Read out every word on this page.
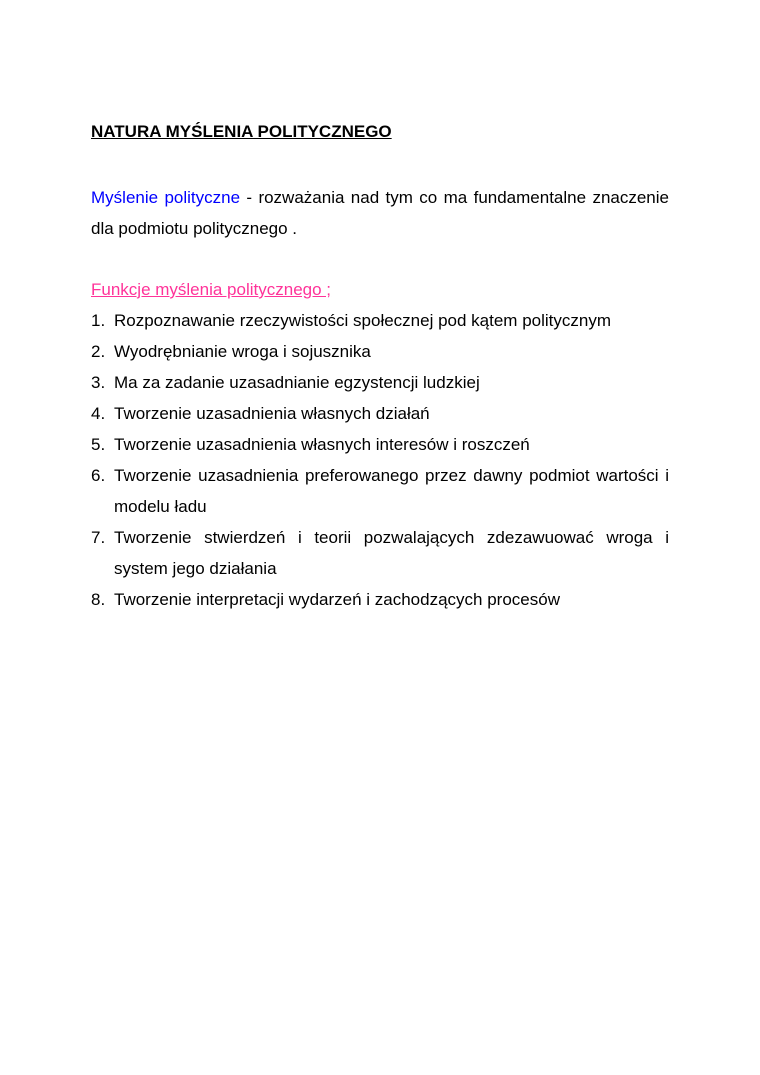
NATURA MYŚLENIA POLITYCZNEGO

Myślenie polityczne - rozważania nad tym co ma fundamentalne znaczenie dla podmiotu politycznego .
Funkcje myślenia politycznego ;
1. Rozpoznawanie rzeczywistości społecznej pod kątem politycznym
2. Wyodrębnianie wroga i sojusznika
3. Ma za zadanie uzasadnianie egzystencji ludzkiej
4. Tworzenie uzasadnienia własnych działań
5. Tworzenie uzasadnienia własnych interesów i roszczeń
6. Tworzenie uzasadnienia preferowanego przez dawny podmiot wartości i modelu ładu
7. Tworzenie stwierdzeń i teorii pozwalających zdezawuować wroga i system jego działania
8. Tworzenie interpretacji wydarzeń i zachodzących procesów
